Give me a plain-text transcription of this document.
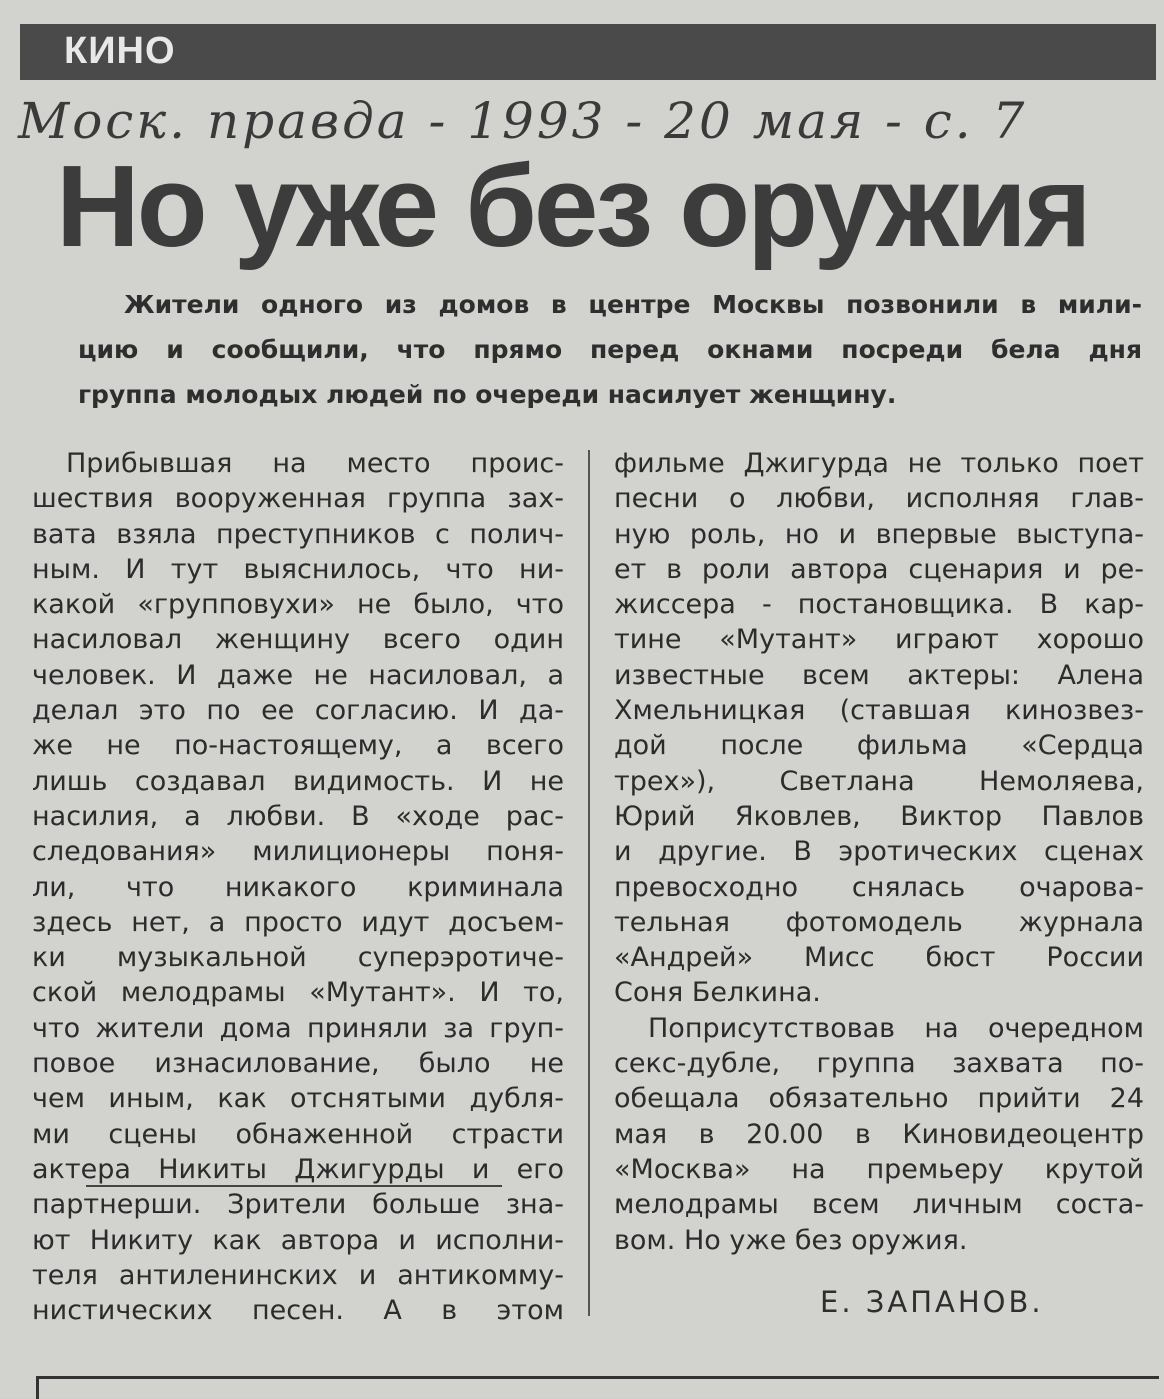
КИНО
Моск. правда - 1993 - 20 мая - с. 7
Но уже без оружия
Жители одного из домов в центре Москвы позвонили в мили-
цию и сообщили, что прямо перед окнами посреди бела дня
группа молодых людей по очереди насилует женщину.
Прибывшая на место проис-
шествия вооруженная группа зах-
вата взяла преступников с полич-
ным. И тут выяснилось, что ни-
какой «групповухи» не было, что
насиловал женщину всего один
человек. И даже не насиловал, а
делал это по ее согласию. И да-
же не по-настоящему, а всего
лишь создавал видимость. И не
насилия, а любви. В «ходе рас-
следования» милиционеры поня-
ли, что никакого криминала
здесь нет, а просто идут досъем-
ки музыкальной суперэротиче-
ской мелодрамы «Мутант». И то,
что жители дома приняли за груп-
повое изнасилование, было не
чем иным, как отснятыми дубля-
ми сцены обнаженной страсти
актера Никиты Джигурды и его
партнерши. Зрители больше зна-
ют Никиту как автора и исполни-
теля антиленинских и антикомму-
нистических песен. А в этом
фильме Джигурда не только поет
песни о любви, исполняя глав-
ную роль, но и впервые выступа-
ет в роли автора сценария и ре-
жиссера - постановщика. В кар-
тине «Мутант» играют хорошо
известные всем актеры: Алена
Хмельницкая (ставшая кинозвез-
дой после фильма «Сердца
трех»), Светлана Немоляева,
Юрий Яковлев, Виктор Павлов
и другие. В эротических сценах
превосходно снялась очарова-
тельная фотомодель журнала
«Андрей» Мисс бюст России
Соня Белкина.
Поприсутствовав на очередном
секс-дубле, группа захвата по-
обещала обязательно прийти 24
мая в 20.00 в Киновидеоцентр
«Москва» на премьеру крутой
мелодрамы всем личным соста-
вом. Но уже без оружия.
Е. ЗАПАНОВ.
